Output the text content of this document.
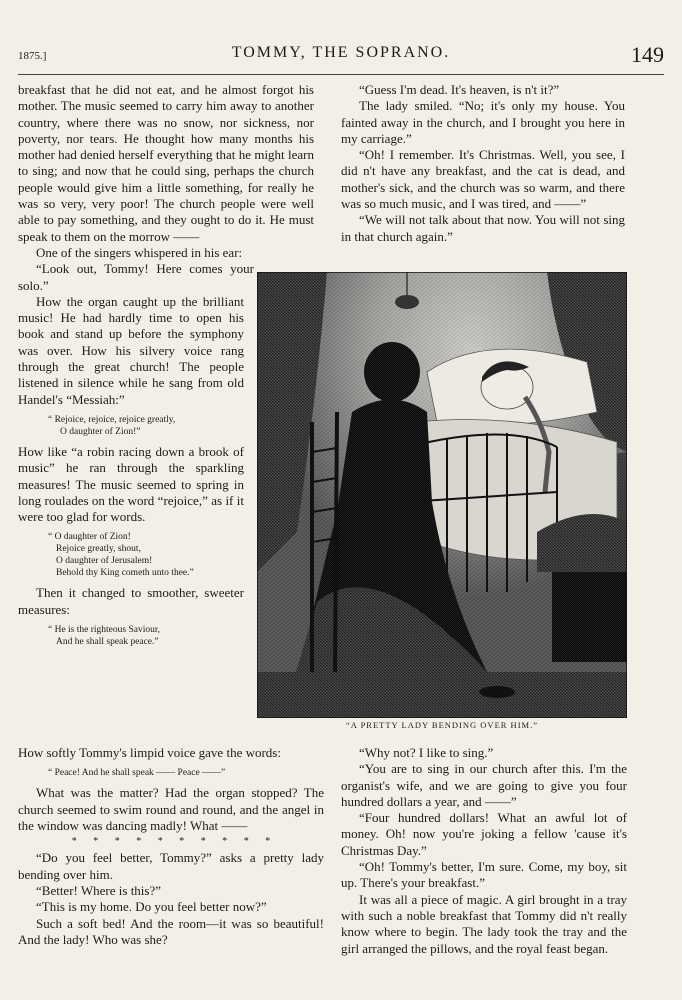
1875.]	TOMMY, THE SOPRANO.	149

breakfast that he did not eat, and he almost forgot his mother. The music seemed to carry him away to another country, where there was no snow, nor sickness, nor poverty, nor tears. He thought how many months his mother had denied herself everything that he might learn to sing; and now that he could sing, perhaps the church people would give him a little something, for really he was so very, very poor! The church people were well able to pay something, and they ought to do it. He must speak to them on the morrow ——

One of the singers whispered in his ear:

“Look out, Tommy! Here comes your solo.”

How the organ caught up the brilliant music! He had hardly time to open his book and stand up before the symphony was over. How his silvery voice rang through the great church! The people listened in silence while he sang from old Handel's “Messiah:”

“ Rejoice, rejoice, rejoice greatly,
O daughter of Zion!”

How like “a robin racing down a brook of music” he ran through the sparkling measures! The music seemed to spring in long roulades on the word “rejoice,” as if it were too glad for words.

“ O daughter of Zion!
Rejoice greatly, shout,
O daughter of Jerusalem!
Behold thy King cometh unto thee.”

Then it changed to smoother, sweeter measures:

“ He is the righteous Saviour,
And he shall speak peace.”
“A PRETTY LADY BENDING OVER HIM.”

“Guess I'm dead. It's heaven, is n't it?”

The lady smiled. “No; it's only my house. You fainted away in the church, and I brought you here in my carriage.”

“Oh! I remember. It's Christmas. Well, you see, I did n't have any breakfast, and the cat is dead, and mother's sick, and the church was so warm, and there was so much music, and I was tired, and ——”

“We will not talk about that now. You will not sing in that church again.”

How softly Tommy's limpid voice gave the words:

“ Peace! And he shall speak —— Peace ——”

What was the matter? Had the organ stopped? The church seemed to swim round and round, and the angel in the window was dancing madly! What ——

* * * * * * * * * *

“Do you feel better, Tommy?” asks a pretty lady bending over him.

“Better! Where is this?”

“This is my home. Do you feel better now?”

Such a soft bed! And the room—it was so beautiful! And the lady! Who was she?

“Why not? I like to sing.”

“You are to sing in our church after this. I'm the organist's wife, and we are going to give you four hundred dollars a year, and ——”

“Four hundred dollars! What an awful lot of money. Oh! now you're joking a fellow 'cause it's Christmas Day.”

“Oh! Tommy's better, I'm sure. Come, my boy, sit up. There's your breakfast.”

It was all a piece of magic. A girl brought in a tray with such a noble breakfast that Tommy did n't really know where to begin. The lady took the tray and the girl arranged the pillows, and the royal feast began.
